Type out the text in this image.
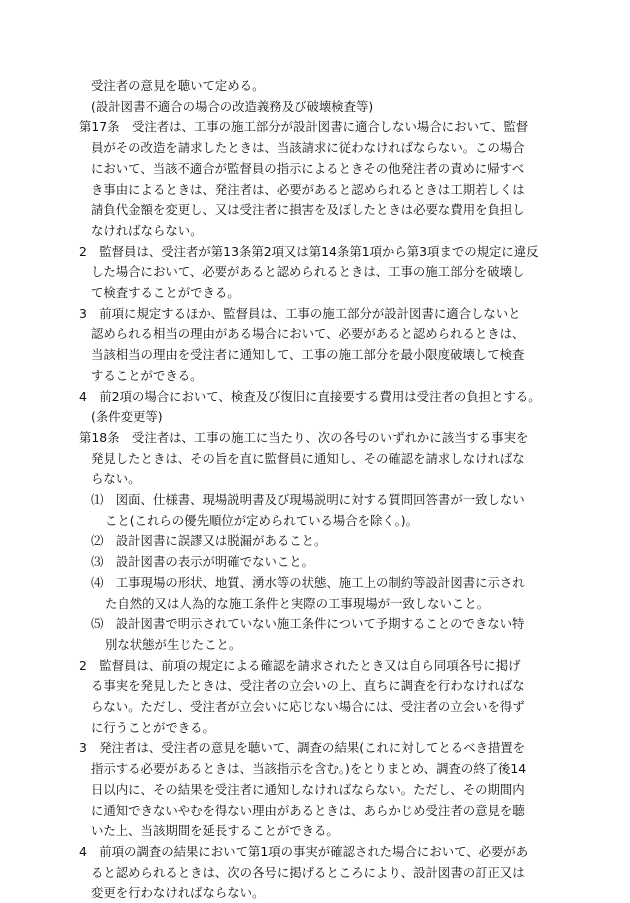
受注者の意見を聴いて定める。
(設計図書不適合の場合の改造義務及び破壊検査等)
第17条　受注者は、工事の施工部分が設計図書に適合しない場合において、監督
員がその改造を請求したときは、当該請求に従わなければならない。この場合
において、当該不適合が監督員の指示によるときその他発注者の責めに帰すべ
き事由によるときは、発注者は、必要があると認められるときは工期若しくは
請負代金額を変更し、又は受注者に損害を及ぼしたときは必要な費用を負担し
なければならない。
2　監督員は、受注者が第13条第2項又は第14条第1項から第3項までの規定に違反
した場合において、必要があると認められるときは、工事の施工部分を破壊し
て検査することができる。
3　前項に規定するほか、監督員は、工事の施工部分が設計図書に適合しないと
認められる相当の理由がある場合において、必要があると認められるときは、
当該相当の理由を受注者に通知して、工事の施工部分を最小限度破壊して検査
することができる。
4　前2項の場合において、検査及び復旧に直接要する費用は受注者の負担とする。
(条件変更等)
第18条　受注者は、工事の施工に当たり、次の各号のいずれかに該当する事実を
発見したときは、その旨を直に監督員に通知し、その確認を請求しなければな
らない。
⑴　図面、仕様書、現場説明書及び現場説明に対する質問回答書が一致しない
こと(これらの優先順位が定められている場合を除く。)。
⑵　設計図書に誤謬又は脱漏があること。
⑶　設計図書の表示が明確でないこと。
⑷　工事現場の形状、地質、湧水等の状態、施工上の制約等設計図書に示され
た自然的又は人為的な施工条件と実際の工事現場が一致しないこと。
⑸　設計図書で明示されていない施工条件について予期することのできない特
別な状態が生じたこと。
2　監督員は、前項の規定による確認を請求されたとき又は自ら同項各号に掲げ
る事実を発見したときは、受注者の立会いの上、直ちに調査を行わなければな
らない。ただし、受注者が立会いに応じない場合には、受注者の立会いを得ず
に行うことができる。
3　発注者は、受注者の意見を聴いて、調査の結果(これに対してとるべき措置を
指示する必要があるときは、当該指示を含む。)をとりまとめ、調査の終了後14
日以内に、その結果を受注者に通知しなければならない。ただし、その期間内
に通知できないやむを得ない理由があるときは、あらかじめ受注者の意見を聴
いた上、当該期間を延長することができる。
4　前項の調査の結果において第1項の事実が確認された場合において、必要があ
ると認められるときは、次の各号に掲げるところにより、設計図書の訂正又は
変更を行わなければならない。
